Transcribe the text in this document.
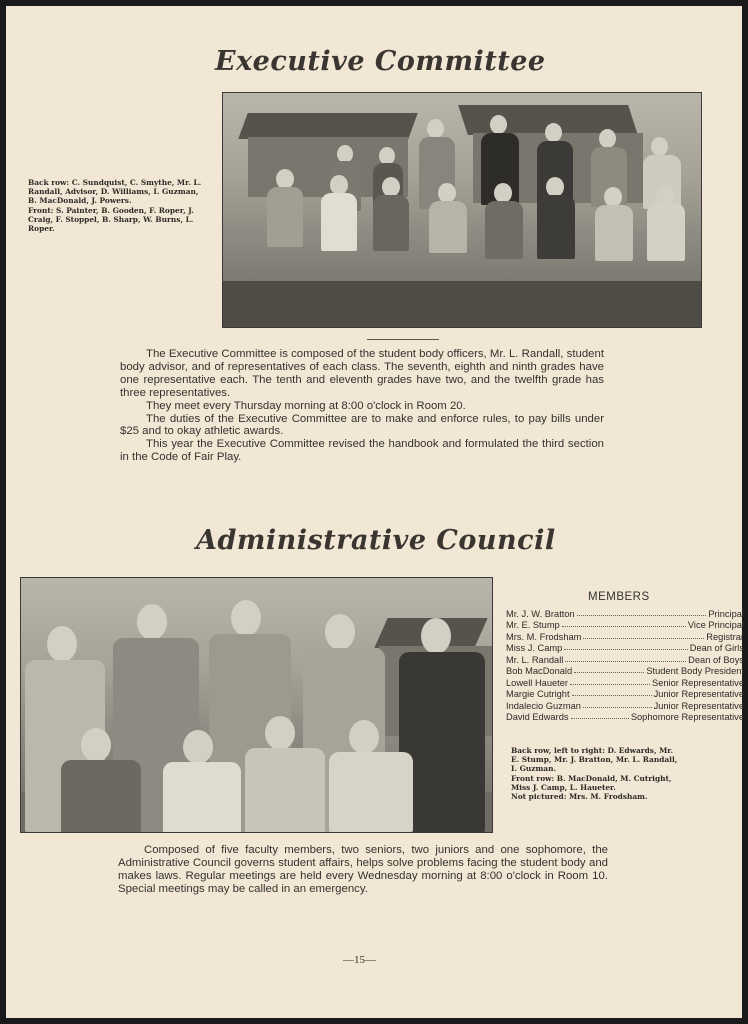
Executive Committee

Back row: C. Sundquist, C. Smythe, Mr. L. Randall, Advisor, D. Williams, I. Guzman, B. MacDonald, J. Powers.

Front: S. Painter, B. Gooden, F. Roper, J. Craig, F. Stoppel, B. Sharp, W. Burns, L. Roper.

The Executive Committee is composed of the student body officers, Mr. L. Randall, student body advisor, and of representatives of each class. The seventh, eighth and ninth grades have one representative each. The tenth and eleventh grades have two, and the twelfth grade has three representatives.

They meet every Thursday morning at 8:00 o'clock in Room 20.

The duties of the Executive Committee are to make and enforce rules, to pay bills under $25 and to okay athletic awards.

This year the Executive Committee revised the handbook and formulated the third section in the Code of Fair Play.

Administrative Council

MEMBERS

Mr. J. W. Bratton	Principal
Mr. E. Stump	Vice Principal
Mrs. M. Frodsham	Registrar
Miss J. Camp	Dean of Girls
Mr. L. Randall	Dean of Boys
Bob MacDonald	Student Body President
Lowell Haueter	Senior Representative
Margie Cutright	Junior Representative
Indalecio Guzman	Junior Representative
David Edwards	Sophomore Representative

Back row, left to right: D. Edwards, Mr. E. Stump, Mr. J. Bratton, Mr. L. Randall, I. Guzman.

Front row: B. MacDonald, M. Cutright, Miss J. Camp, L. Haueter.

Not pictured: Mrs. M. Frodsham.

Composed of five faculty members, two seniors, two juniors and one sophomore, the Administrative Council governs student affairs, helps solve problems facing the student body and makes laws. Regular meetings are held every Wednesday morning at 8:00 o'clock in Room 10. Special meetings may be called in an emergency.

—15—
